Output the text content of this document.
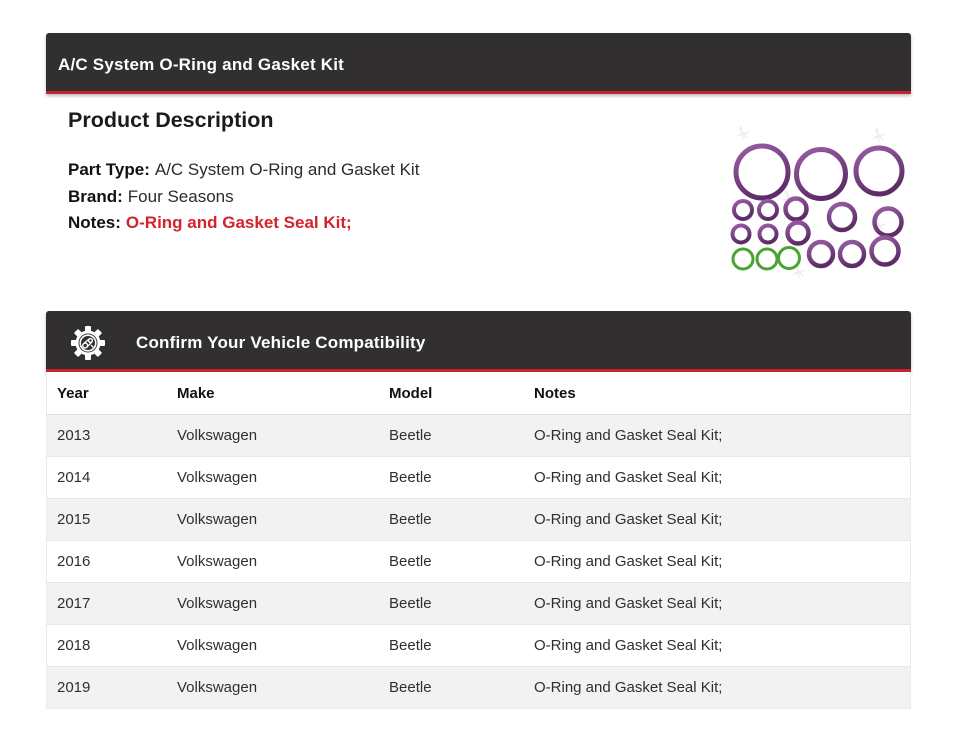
A/C System O-Ring and Gasket Kit
Product Description

Part Type: A/C System O-Ring and Gasket Kit

Brand: Four Seasons

Notes: O-Ring and Gasket Seal Kit;

Confirm Your Vehicle Compatibility
Year	Make	Model	Notes
2013	Volkswagen	Beetle	O-Ring and Gasket Seal Kit;
2014	Volkswagen	Beetle	O-Ring and Gasket Seal Kit;
2015	Volkswagen	Beetle	O-Ring and Gasket Seal Kit;
2016	Volkswagen	Beetle	O-Ring and Gasket Seal Kit;
2017	Volkswagen	Beetle	O-Ring and Gasket Seal Kit;
2018	Volkswagen	Beetle	O-Ring and Gasket Seal Kit;
2019	Volkswagen	Beetle	O-Ring and Gasket Seal Kit;
